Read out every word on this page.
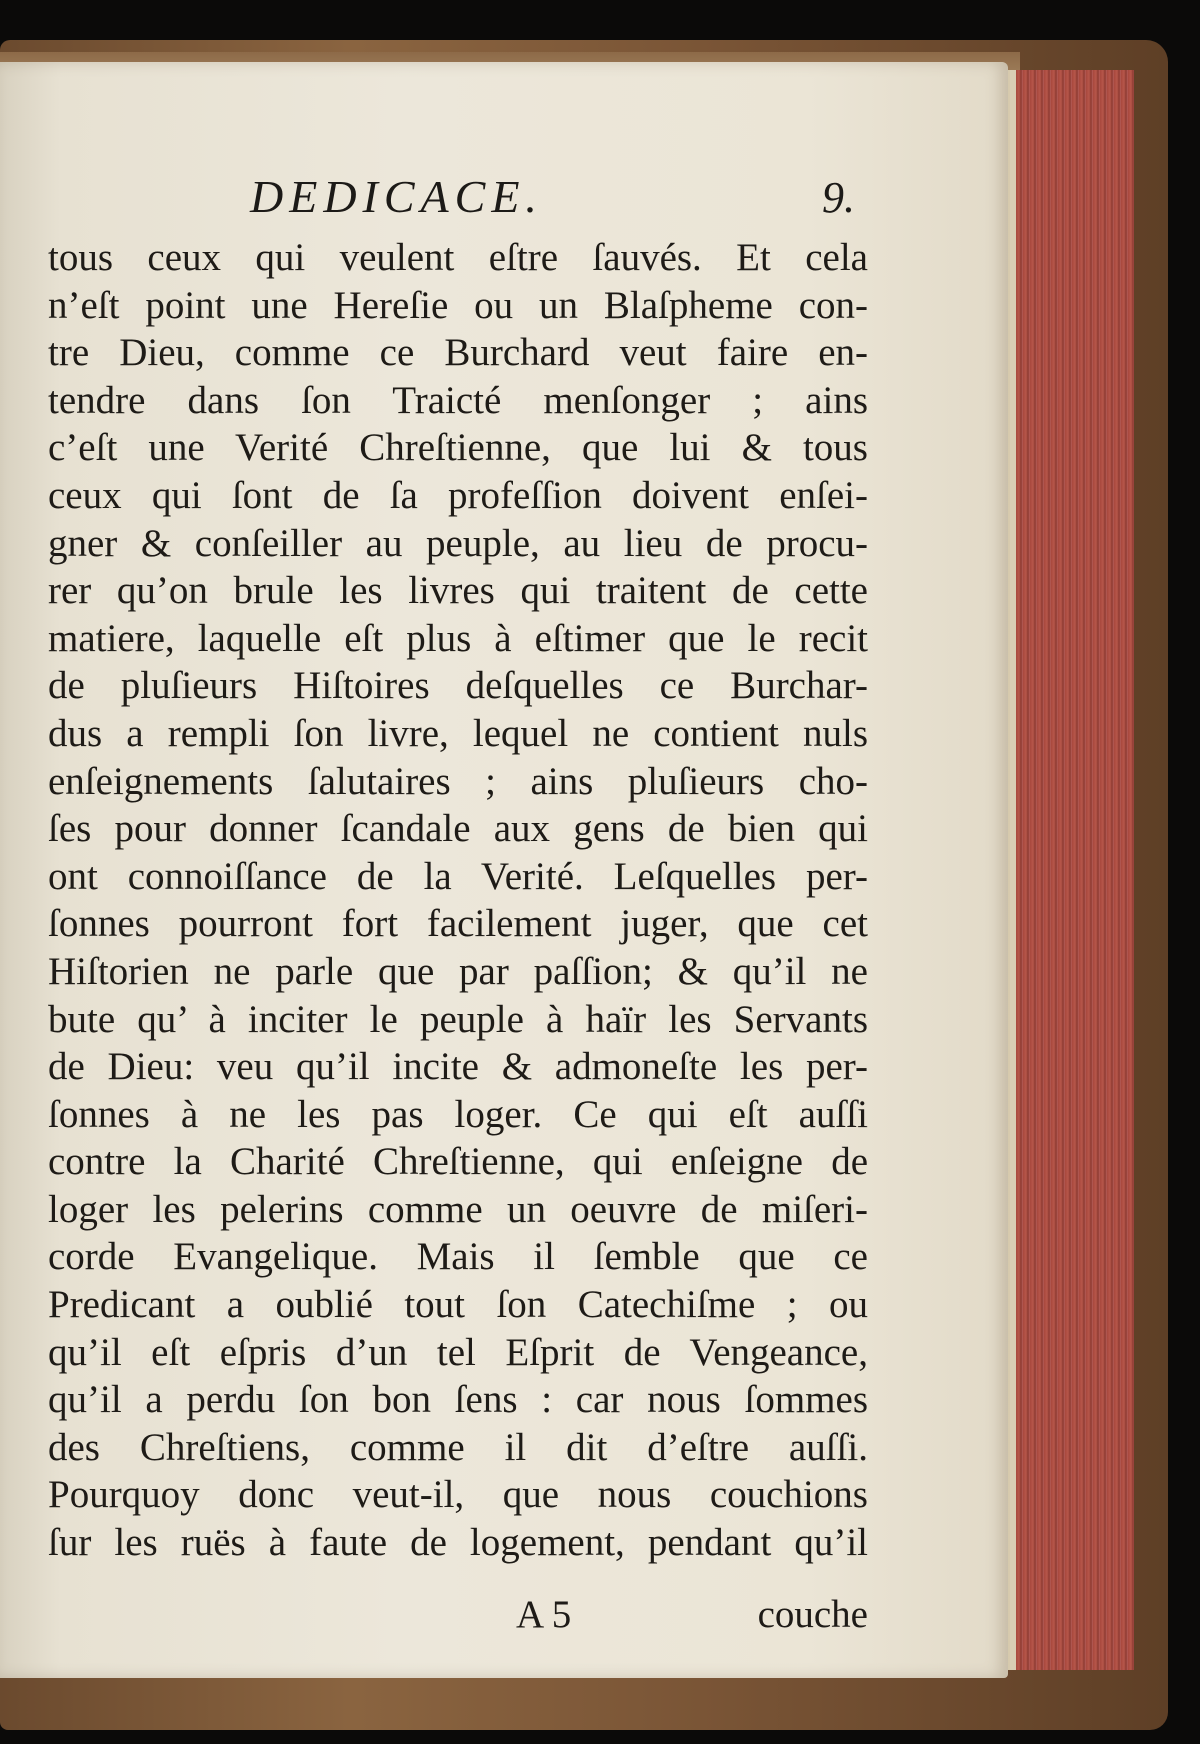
DEDICACE.	9.
tous ceux qui veulent eſtre ſauvés. Et cela
n’eſt point une Hereſie ou un Blaſpheme con-
tre Dieu, comme ce Burchard veut faire en-
tendre dans ſon Traicté menſonger ; ains
c’eſt une Verité Chreſtienne, que lui & tous
ceux qui ſont de ſa profeſſion doivent enſei-
gner & conſeiller au peuple, au lieu de procu-
rer qu’on brule les livres qui traitent de cette
matiere, laquelle eſt plus à eſtimer que le recit
de pluſieurs Hiſtoires deſquelles ce Burchar-
dus a rempli ſon livre, lequel ne contient nuls
enſeignements ſalutaires ; ains pluſieurs cho-
ſes pour donner ſcandale aux gens de bien qui
ont connoiſſance de la Verité. Leſquelles per-
ſonnes pourront fort facilement juger, que cet
Hiſtorien ne parle que par paſſion; & qu’il ne
bute qu’ à inciter le peuple à haïr les Servants
de Dieu: veu qu’il incite & admoneſte les per-
ſonnes à ne les pas loger. Ce qui eſt auſſi
contre la Charité Chreſtienne, qui enſeigne de
loger les pelerins comme un oeuvre de miſeri-
corde Evangelique. Mais il ſemble que ce
Predicant a oublié tout ſon Catechiſme ; ou
qu’il eſt eſpris d’un tel Eſprit de Vengeance,
qu’il a perdu ſon bon ſens : car nous ſommes
des Chreſtiens, comme il dit d’eſtre auſſi.
Pourquoy donc veut-il, que nous couchions
ſur les ruës à faute de logement, pendant qu’il
A 5	couche
